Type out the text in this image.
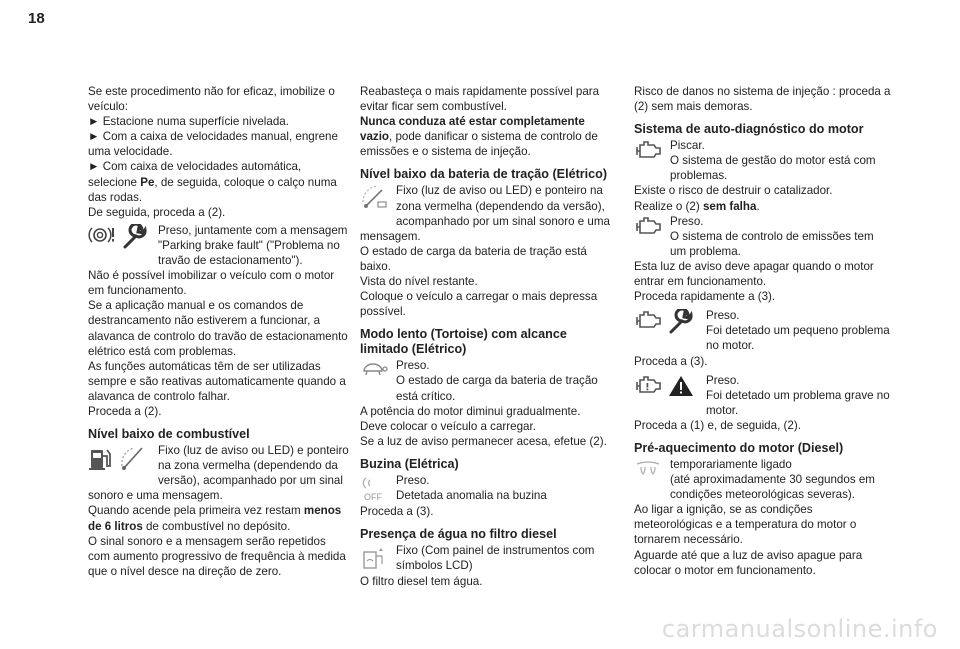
18

Se este procedimento não for eficaz, imobilize o veículo:

► Estacione numa superfície nivelada.

► Com a caixa de velocidades manual, engrene uma velocidade.

► Com caixa de velocidades automática, selecione Pe, de seguida, coloque o calço numa das rodas.

De seguida, proceda a (2).

Preso, juntamente com a mensagem "Parking brake fault" ("Problema no travão de estacionamento").

Não é possível imobilizar o veículo com o motor em funcionamento.

Se a aplicação manual e os comandos de destrancamento não estiverem a funcionar, a alavanca de controlo do travão de estacionamento elétrico está com problemas.

As funções automáticas têm de ser utilizadas sempre e são reativas automaticamente quando a alavanca de controlo falhar.

Proceda a (2).

Nível baixo de combustível
Fixo (luz de aviso ou LED) e ponteiro na zona vermelha (dependendo da versão), acompanhado por um sinal sonoro e uma mensagem.

Quando acende pela primeira vez restam menos de 6 litros de combustível no depósito.

O sinal sonoro e a mensagem serão repetidos com aumento progressivo de frequência à medida que o nível desce na direção de zero.

Reabasteça o mais rapidamente possível para evitar ficar sem combustível.

Nunca conduza até estar completamente vazio, pode danificar o sistema de controlo de emissões e o sistema de injeção.

Nível baixo da bateria de tração (Elétrico)
Fixo (luz de aviso ou LED) e ponteiro na zona vermelha (dependendo da versão), acompanhado por um sinal sonoro e uma mensagem.

O estado de carga da bateria de tração está baixo.

Vista do nível restante.

Coloque o veículo a carregar o mais depressa possível.

Modo lento (Tortoise) com alcance limitado (Elétrico)
Preso.
O estado de carga da bateria de tração está crítico.

A potência do motor diminui gradualmente.

Deve colocar o veículo a carregar.

Se a luz de aviso permanecer acesa, efetue (2).

Buzina (Elétrica)
OFF
Preso.
Detetada anomalia na buzina

Proceda a (3).

Presença de água no filtro diesel
Fixo (Com painel de instrumentos com símbolos LCD)

O filtro diesel tem água.

Risco de danos no sistema de injeção : proceda a (2) sem mais demoras.

Sistema de auto-diagnóstico do motor
Piscar.
O sistema de gestão do motor está com problemas.

Existe o risco de destruir o catalizador.

Realize o (2) sem falha.

Preso.
O sistema de controlo de emissões tem um problema.

Esta luz de aviso deve apagar quando o motor entrar em funcionamento.

Proceda rapidamente a (3).

Preso.
Foi detetado um pequeno problema no motor.

Proceda a (3).

Preso.
Foi detetado um problema grave no motor.

Proceda a (1) e, de seguida, (2).

Pré-aquecimento do motor (Diesel)
temporariamente ligado
(até aproximadamente 30 segundos em condições meteorológicas severas).

Ao ligar a ignição, se as condições meteorológicas e a temperatura do motor o tornarem necessário.

Aguarde até que a luz de aviso apague para colocar o motor em funcionamento.

carmanualsonline.info
